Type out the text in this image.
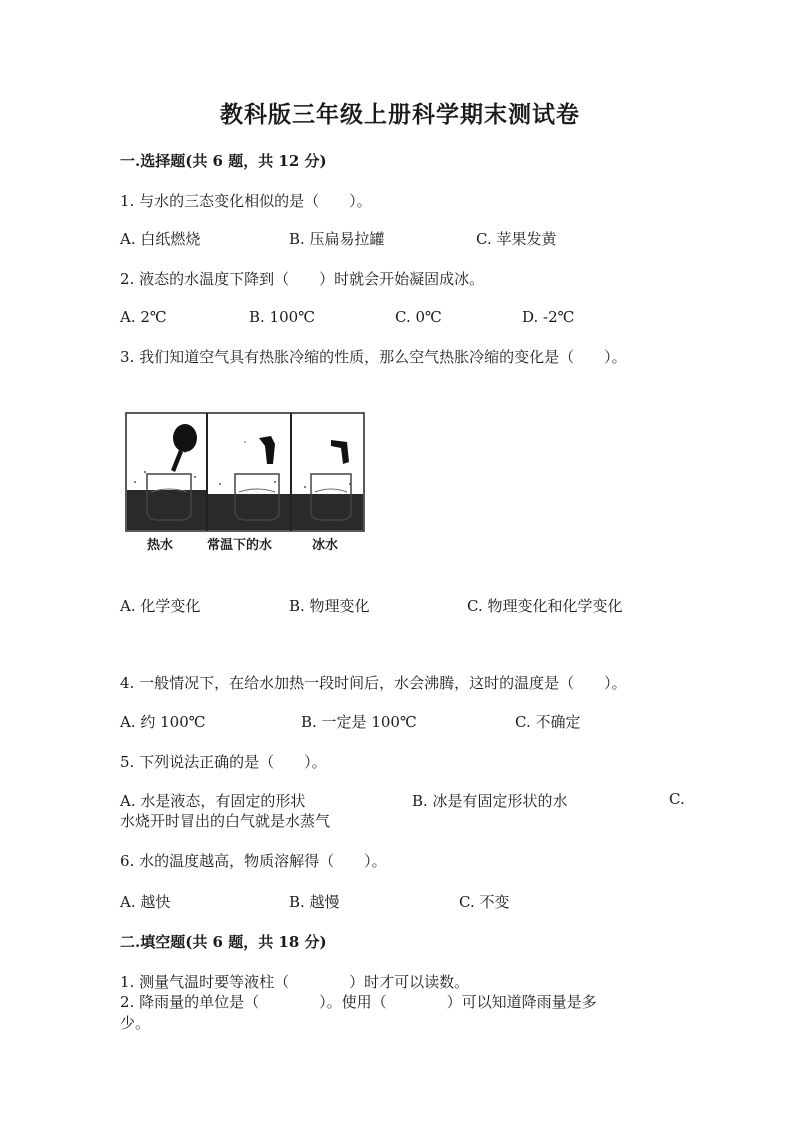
教科版三年级上册科学期末测试卷
一.选择题(共 6 题，共 12 分)
1. 与水的三态变化相似的是（　　）。
A. 白纸燃烧	B. 压扁易拉罐	C. 苹果发黄
2. 液态的水温度下降到（　　）时就会开始凝固成冰。
A. 2℃	B. 100℃	C. 0℃	D. -2℃
3. 我们知道空气具有热胀冷缩的性质，那么空气热胀冷缩的变化是（　　）。
热水	常温下的水	冰水
A. 化学变化	B. 物理变化	C. 物理变化和化学变化
4. 一般情况下，在给水加热一段时间后，水会沸腾，这时的温度是（　　）。
A. 约 100℃	B. 一定是 100℃	C. 不确定
5. 下列说法正确的是（　　）。
A. 水是液态，有固定的形状	B. 冰是有固定形状的水	C.
水烧开时冒出的白气就是水蒸气
6. 水的温度越高，物质溶解得（　　）。
A. 越快	B. 越慢	C. 不变
二.填空题(共 6 题，共 18 分)
1. 测量气温时要等液柱（　　　　）时才可以读数。
2. 降雨量的单位是（　　　　）。使用（　　　　）可以知道降雨量是多
少。
